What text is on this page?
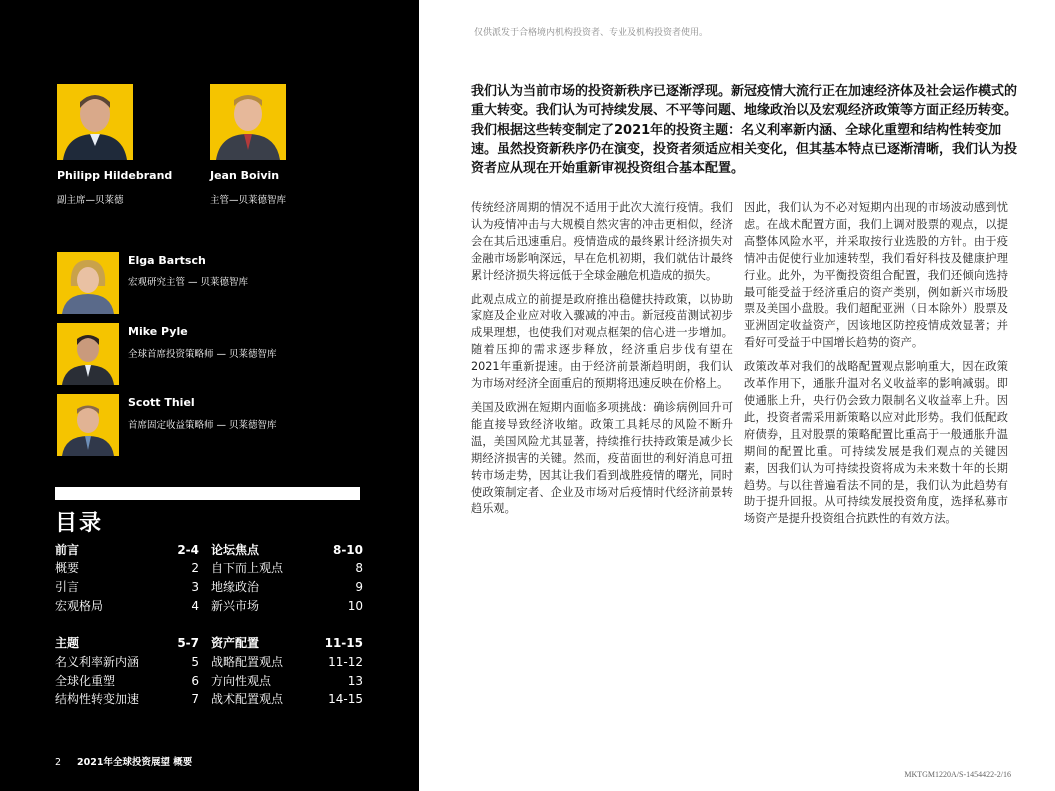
Philipp Hildebrand
副主席—贝莱德
Jean Boivin
主管—贝莱德智库
Elga Bartsch
宏观研究主管 — 贝莱德智库
Mike Pyle
全球首席投资策略师 — 贝莱德智库
Scott Thiel
首席固定收益策略师 — 贝莱德智库
目录
前言	2-4
概要	2
引言	3
宏观格局	4
主题	5-7
名义利率新内涵	5
全球化重塑	6
结构性转变加速	7
论坛焦点	8-10
自下而上观点	8
地缘政治	9
新兴市场	10
资产配置	11-15
战略配置观点	11-12
方向性观点	13
战术配置观点	14-15
2 2021年全球投资展望 概要
仅供派发于合格境内机构投资者、专业及机构投资者使用。
我们认为当前市场的投资新秩序已逐渐浮现。新冠疫情大流行正在加速经济体及社会运作模式的重大转变。我们认为可持续发展、不平等问题、地缘政治以及宏观经济政策等方面正经历转变。我们根据这些转变制定了2021年的投资主题：名义利率新内涵、全球化重塑和结构性转变加速。虽然投资新秩序仍在演变，投资者须适应相关变化，但其基本特点已逐渐清晰，我们认为投资者应从现在开始重新审视投资组合基本配置。

传统经济周期的情况不适用于此次大流行疫情。我们认为疫情冲击与大规模自然灾害的冲击更相似，经济会在其后迅速重启。疫情造成的最终累计经济损失对金融市场影响深远，早在危机初期，我们就估计最终累计经济损失将远低于全球金融危机造成的损失。

此观点成立的前提是政府推出稳健扶持政策，以协助家庭及企业应对收入骤减的冲击。新冠疫苗测试初步成果理想，也使我们对观点框架的信心进一步增加。随着压抑的需求逐步释放，经济重启步伐有望在2021年重新提速。由于经济前景渐趋明朗，我们认为市场对经济全面重启的预期将迅速反映在价格上。

美国及欧洲在短期内面临多项挑战：确诊病例回升可能直接导致经济收缩。政策工具耗尽的风险不断升温，美国风险尤其显著，持续推行扶持政策是减少长期经济损害的关键。然而，疫苗面世的利好消息可扭转市场走势，因其让我们看到战胜疫情的曙光，同时使政策制定者、企业及市场对后疫情时代经济前景转趋乐观。

因此，我们认为不必对短期内出现的市场波动感到忧虑。在战术配置方面，我们上调对股票的观点，以提高整体风险水平，并采取按行业选股的方针。由于疫情冲击促使行业加速转型，我们看好科技及健康护理行业。此外，为平衡投资组合配置，我们还倾向选持最可能受益于经济重启的资产类别，例如新兴市场股票及美国小盘股。我们超配亚洲（日本除外）股票及亚洲固定收益资产，因该地区防控疫情成效显著；并看好可受益于中国增长趋势的资产。

政策改革对我们的战略配置观点影响重大，因在政策改革作用下，通胀升温对名义收益率的影响减弱。即使通胀上升，央行仍会致力限制名义收益率上升。因此，投资者需采用新策略以应对此形势。我们低配政府债券，且对股票的策略配置比重高于一般通胀升温期间的配置比重。可持续发展是我们观点的关键因素，因我们认为可持续投资将成为未来数十年的长期趋势。与以往普遍看法不同的是，我们认为此趋势有助于提升回报。从可持续发展投资角度，选择私募市场资产是提升投资组合抗跌性的有效方法。

MKTGM1220A/S-1454422-2/16
